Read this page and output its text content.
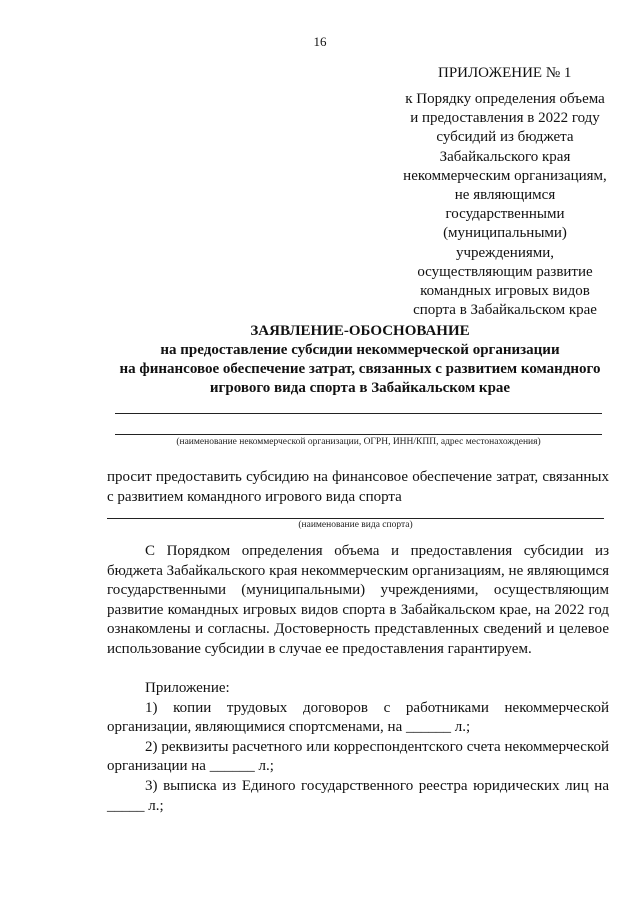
16
ПРИЛОЖЕНИЕ № 1
к Порядку определения объема
и предоставления в 2022 году
субсидий из бюджета
Забайкальского края
некоммерческим организациям,
не являющимся
государственными
(муниципальными)
учреждениями,
осуществляющим развитие
командных игровых видов
спорта в Забайкальском крае
ЗАЯВЛЕНИЕ-ОБОСНОВАНИЕ
на предоставление субсидии некоммерческой организации
на финансовое обеспечение затрат, связанных с развитием командного
игрового вида спорта в Забайкальском крае
(наименование некоммерческой организации, ОГРН, ИНН/КПП, адрес местонахождения)

просит предоставить субсидию на финансовое обеспечение затрат, связанных с развитием командного игрового вида спорта

(наименование вида спорта)

С Порядком определения объема и предоставления субсидии из бюджета Забайкальского края некоммерческим организациям, не являющимся государственными (муниципальными) учреждениями, осуществляющим развитие командных игровых видов спорта в Забайкальском крае, на 2022 год ознакомлены и согласны. Достоверность представленных сведений и целевое использование субсидии в случае ее предоставления гарантируем.

Приложение:

1) копии трудовых договоров с работниками некоммерческой организации, являющимися спортсменами, на ______ л.;

2) реквизиты расчетного или корреспондентского счета некоммерческой организации на ______ л.;

3) выписка из Единого государственного реестра юридических лиц на _____ л.;
